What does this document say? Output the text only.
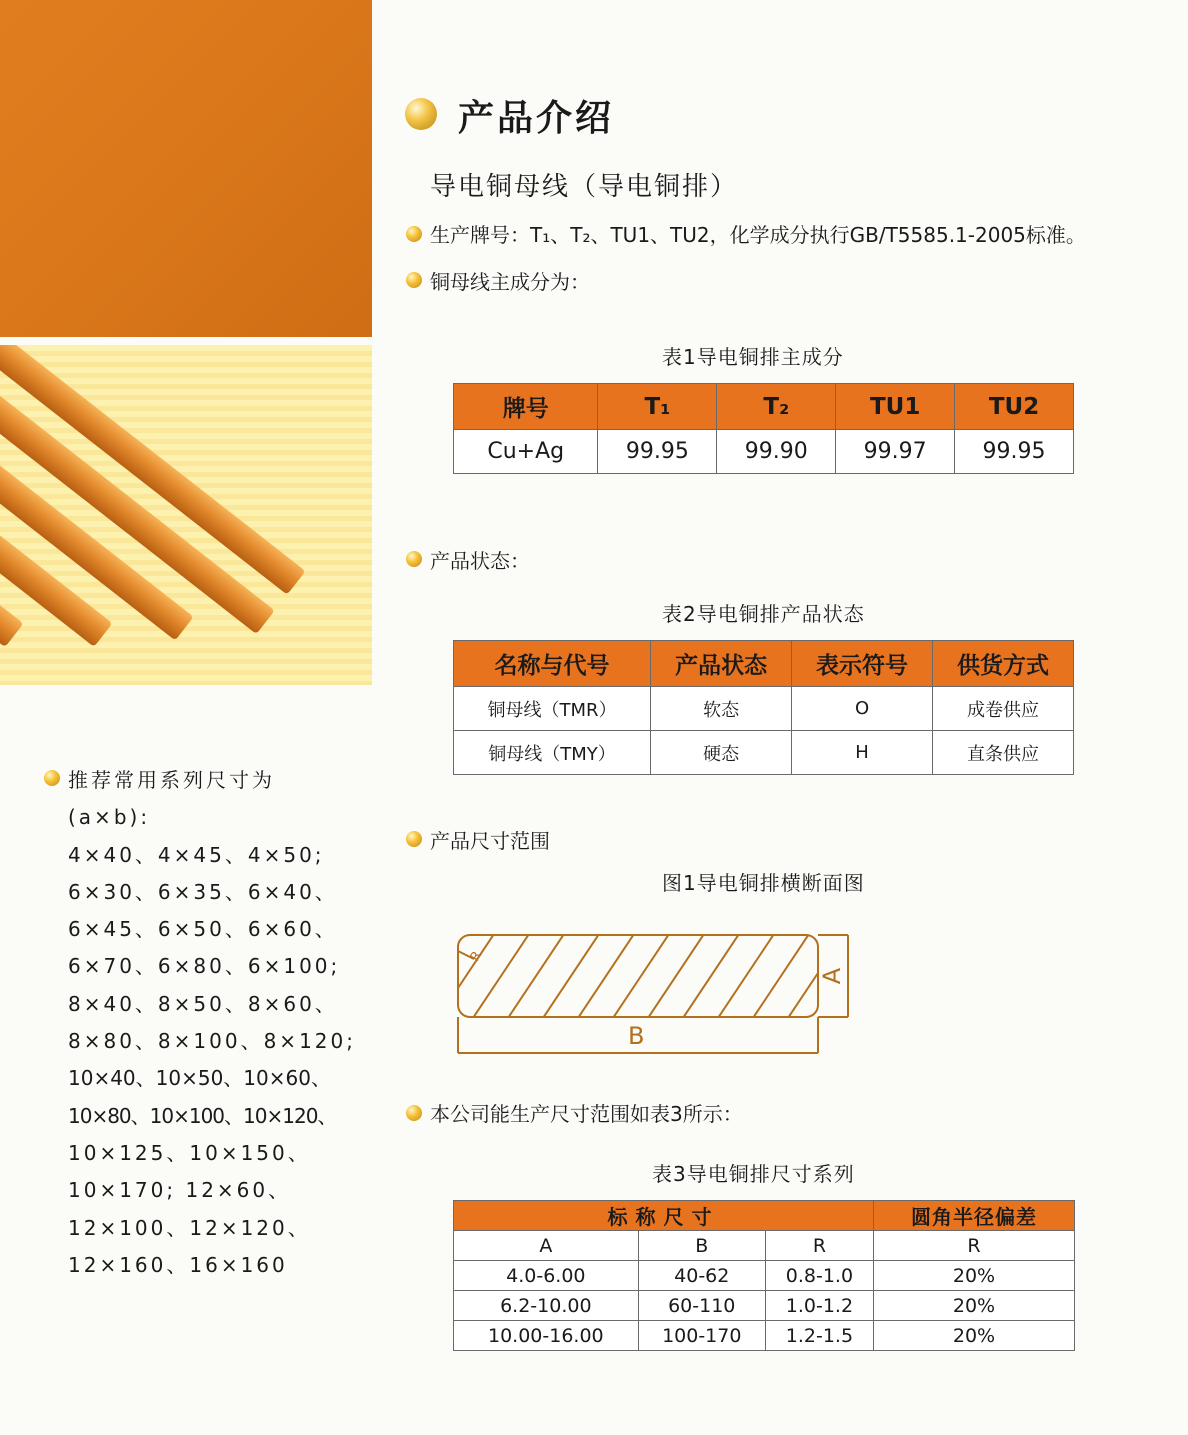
产品介绍
导电铜母线（导电铜排）
生产牌号：T₁、T₂、TU1、TU2，化学成分执行GB/T5585.1-2005标准。
铜母线主成分为：
表1导电铜排主成分
牌号	T₁	T₂	TU1	TU2
Cu+Ag	99.95	99.90	99.97	99.95
产品状态：
表2导电铜排产品状态
名称与代号	产品状态	表示符号	供货方式
铜母线（TMR）	软态	O	成卷供应
铜母线（TMY）	硬态	H	直条供应
产品尺寸范围
图1导电铜排横断面图
R
A
B
本公司能生产尺寸范围如表3所示：
表3导电铜排尺寸系列
标称尺寸			圆角半径偏差
A	B	R	R
4.0-6.00	40-62	0.8-1.0	20%
6.2-10.00	60-110	1.0-1.2	20%
10.00-16.00	100-170	1.2-1.5	20%
推荐常用系列尺寸为
(a×b):
4×40、4×45、4×50;
6×30、6×35、6×40、
6×45、6×50、6×60、
6×70、6×80、6×100;
8×40、8×50、8×60、
8×80、8×100、8×120;
10×40、10×50、10×60、
10×80、10×100、10×120、
10×125、10×150、
10×170; 12×60、
12×100、12×120、
12×160、16×160
